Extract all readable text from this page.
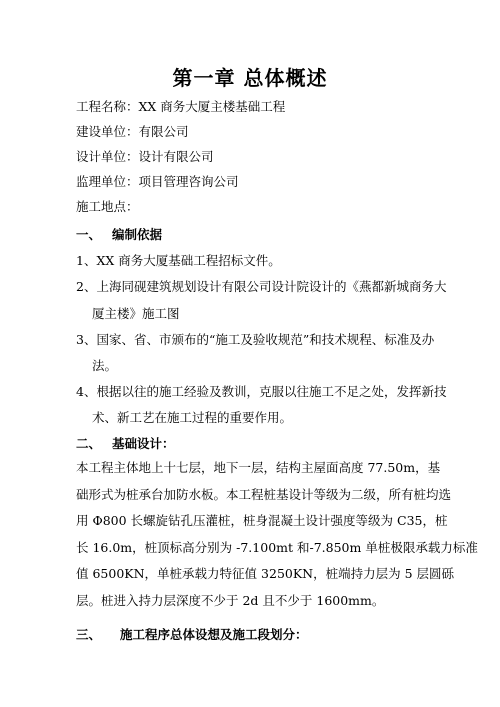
第一章 总体概述
工程名称：XX 商务大厦主楼基础工程
建设单位：有限公司
设计单位：设计有限公司
监理单位：项目管理咨询公司
施工地点：
一、 编制依据
1、XX 商务大厦基础工程招标文件。
2、上海同砚建筑规划设计有限公司设计院设计的《燕都新城商务大
厦主楼》施工图
3、国家、省、市颁布的“施工及验收规范”和技术规程、标准及办
法。
4、根据以往的施工经验及教训，克服以往施工不足之处，发挥新技
术、新工艺在施工过程的重要作用。
二、 基础设计：
本工程主体地上十七层，地下一层，结构主屋面高度 77.50m，基
础形式为桩承台加防水板。本工程桩基设计等级为二级，所有桩均选
用 Φ800 长螺旋钻孔压灌桩，桩身混凝土设计强度等级为 C35，桩
长 16.0m，桩顶标高分别为 -7.100mt 和-7.850m 单桩极限承载力标准
值 6500KN，单桩承载力特征值 3250KN，桩端持力层为 5 层圆砾
层。桩进入持力层深度不少于 2d 且不少于 1600mm。
三、 施工程序总体设想及施工段划分：
